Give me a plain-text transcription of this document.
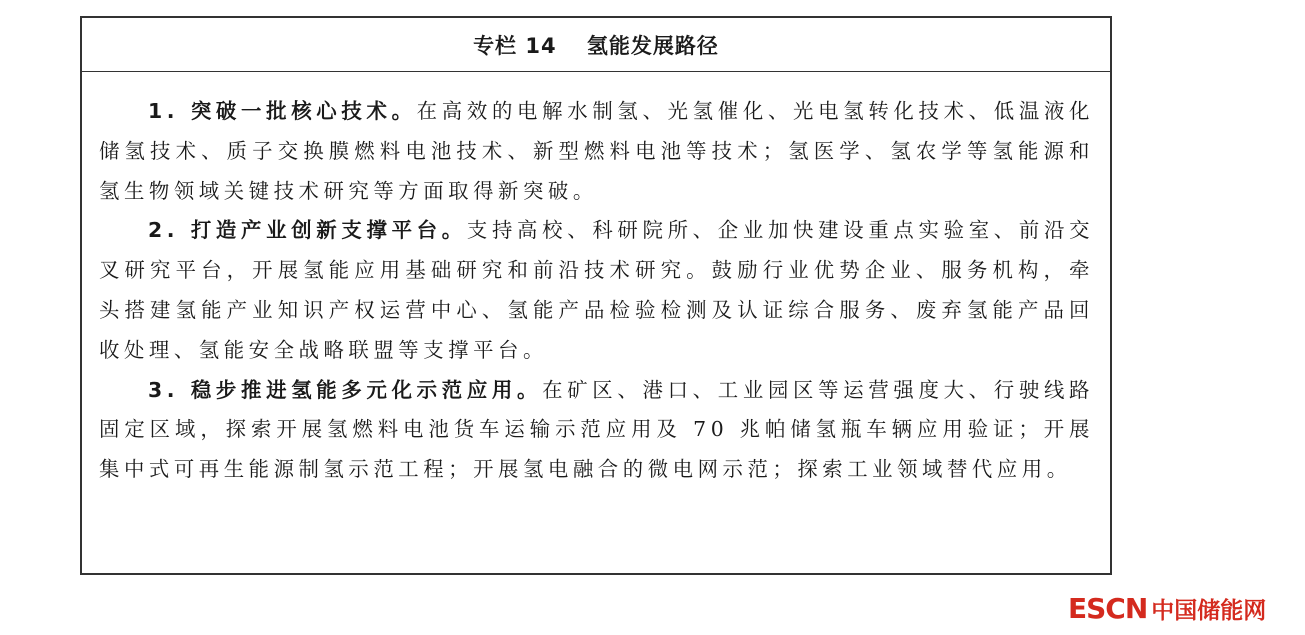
专栏 14　 氢能发展路径

1. 突破一批核心技术。在高效的电解水制氢、光氢催化、光电氢转化技术、低温液化储氢技术、质子交换膜燃料电池技术、新型燃料电池等技术；氢医学、氢农学等氢能源和氢生物领域关键技术研究等方面取得新突破。

2. 打造产业创新支撑平台。支持高校、科研院所、企业加快建设重点实验室、前沿交叉研究平台，开展氢能应用基础研究和前沿技术研究。鼓励行业优势企业、服务机构，牵头搭建氢能产业知识产权运营中心、氢能产品检验检测及认证综合服务、废弃氢能产品回收处理、氢能安全战略联盟等支撑平台。

3. 稳步推进氢能多元化示范应用。在矿区、港口、工业园区等运营强度大、行驶线路固定区域，探索开展氢燃料电池货车运输示范应用及 70 兆帕储氢瓶车辆应用验证；开展集中式可再生能源制氢示范工程；开展氢电融合的微电网示范；探索工业领域替代应用。

ESCN 中国储能网
